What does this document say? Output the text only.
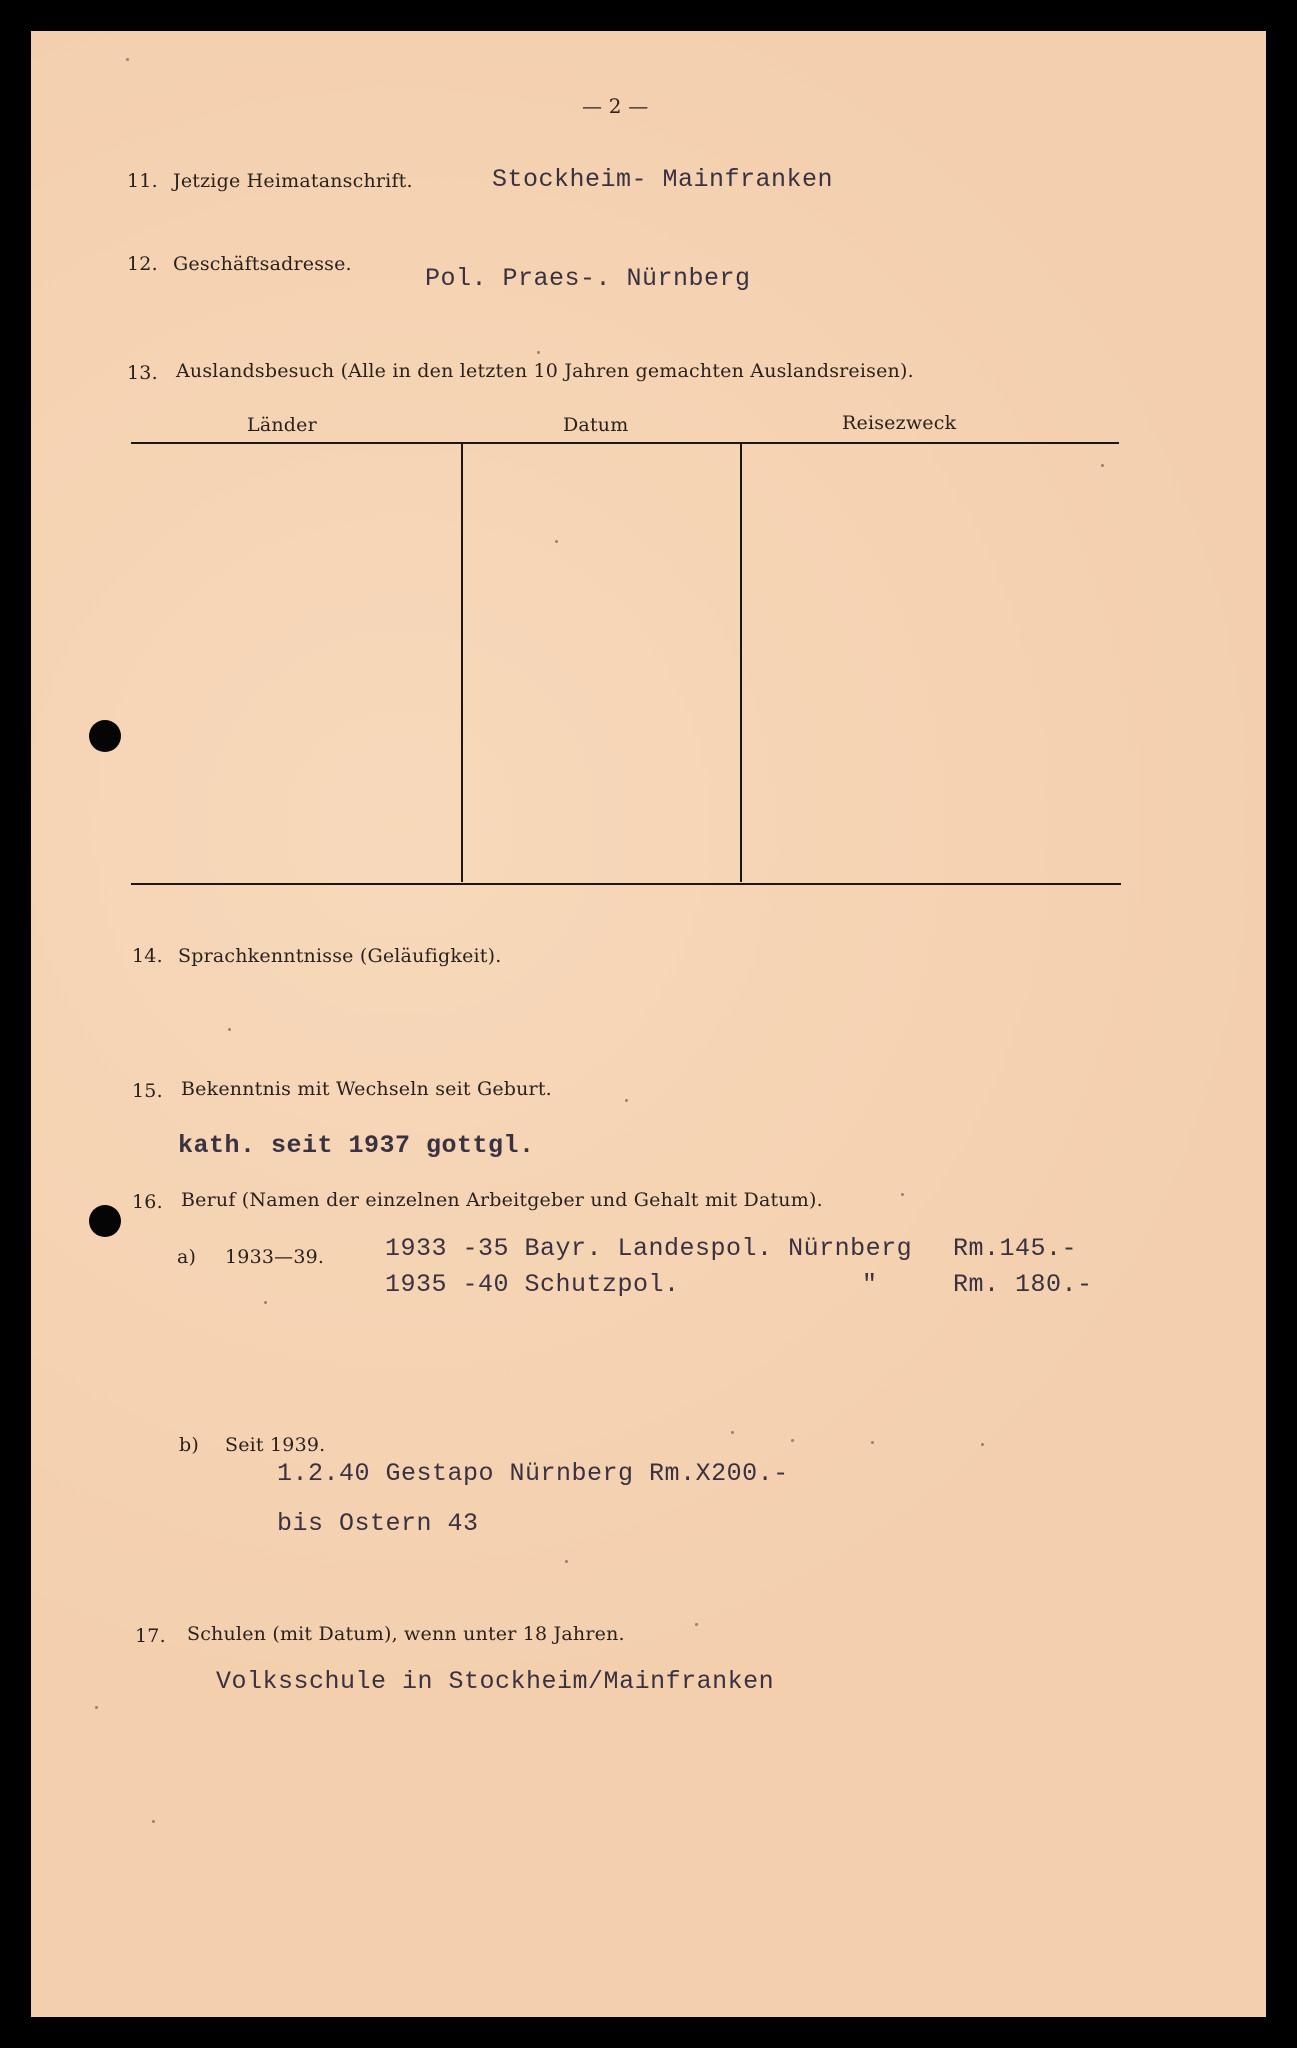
— 2 —
11. Jetzige Heimatanschrift.	Stockheim- Mainfranken
12. Geschäftsadresse.	Pol. Praes-. Nürnberg
13. Auslandsbesuch (Alle in den letzten 10 Jahren gemachten Auslandsreisen).
Länder	Datum	Reisezweck
14. Sprachkenntnisse (Geläufigkeit).
15. Bekenntnis mit Wechseln seit Geburt.
kath. seit 1937 gottgl.
16. Beruf (Namen der einzelnen Arbeitgeber und Gehalt mit Datum).
a) 1933—39. 1933 -35 Bayr. Landespol. Nürnberg Rm.145.-
1935 -40 Schutzpol.	"	Rm. 180.-
b) Seit 1939.
1.2.40 Gestapo Nürnberg Rm.X200.-
bis Ostern 43
17. Schulen (mit Datum), wenn unter 18 Jahren.
Volksschule in Stockheim/Mainfranken
